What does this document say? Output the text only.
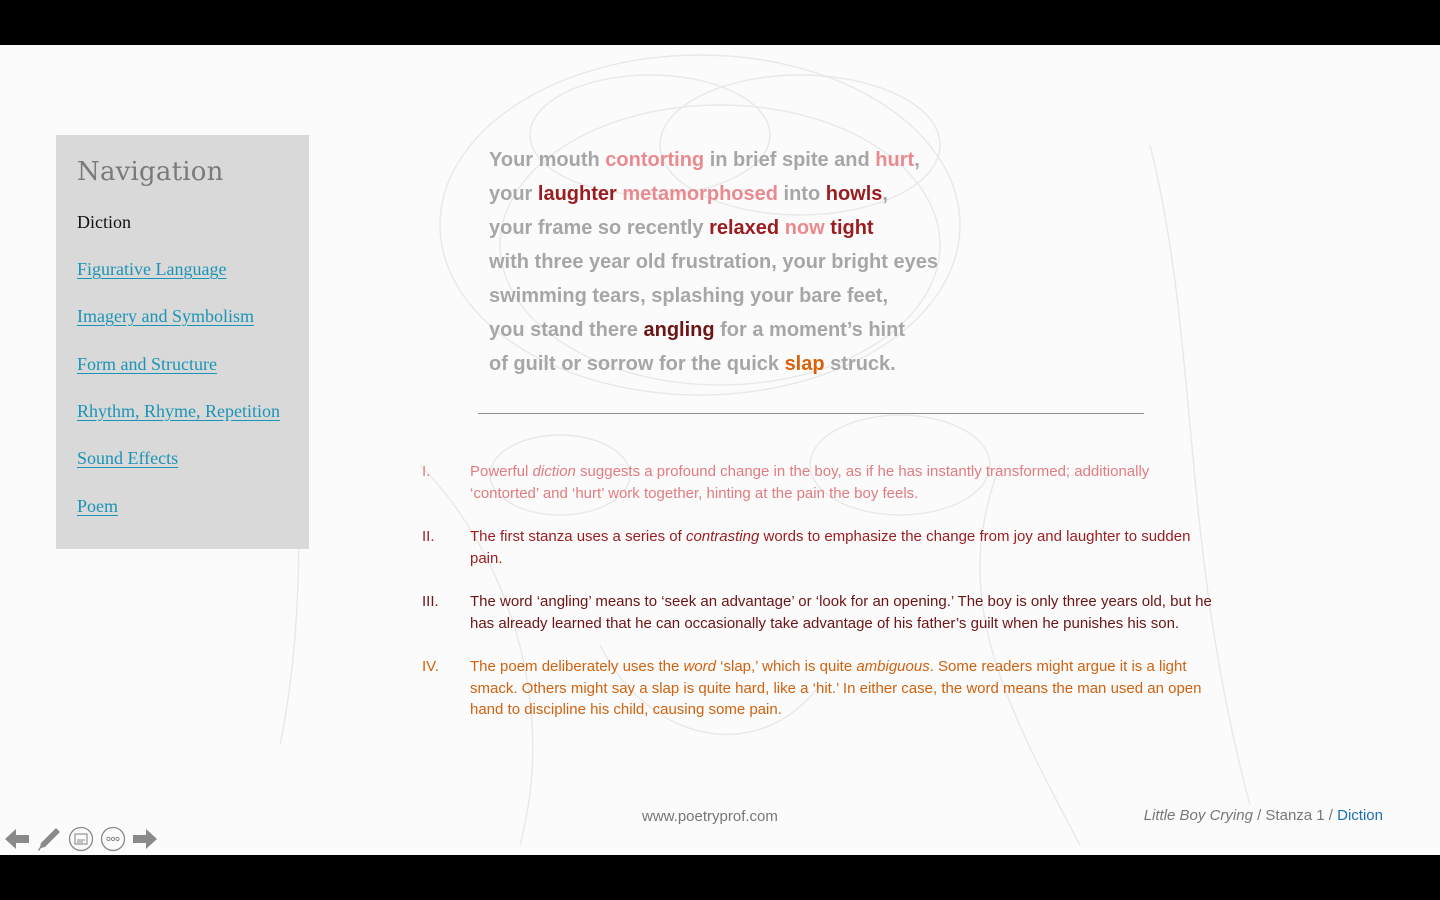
Navigation
Diction
Figurative Language
Imagery and Symbolism
Form and Structure
Rhythm, Rhyme, Repetition
Sound Effects
Poem
Your mouth contorting in brief spite and hurt,
your laughter metamorphosed into howls,
your frame so recently relaxed now tight
with three year old frustration, your bright eyes
swimming tears, splashing your bare feet,
you stand there angling for a moment’s hint
of guilt or sorrow for the quick slap struck.
I.	Powerful diction suggests a profound change in the boy, as if he has instantly transformed; additionally ‘contorted’ and ‘hurt’ work together, hinting at the pain the boy feels.
II. The first stanza uses a series of contrasting words to emphasize the change from joy and laughter to sudden pain.
III. The word ‘angling’ means to ‘seek an advantage’ or ‘look for an opening.’ The boy is only three years old, but he has already learned that he can occasionally take advantage of his father’s guilt when he punishes his son.
IV. The poem deliberately uses the word ‘slap,’ which is quite ambiguous. Some readers might argue it is a light smack. Others might say a slap is quite hard, like a ‘hit.’ In either case, the word means the man used an open hand to discipline his child, causing some pain.
www.poetryprof.com	Little Boy Crying / Stanza 1 / Diction
